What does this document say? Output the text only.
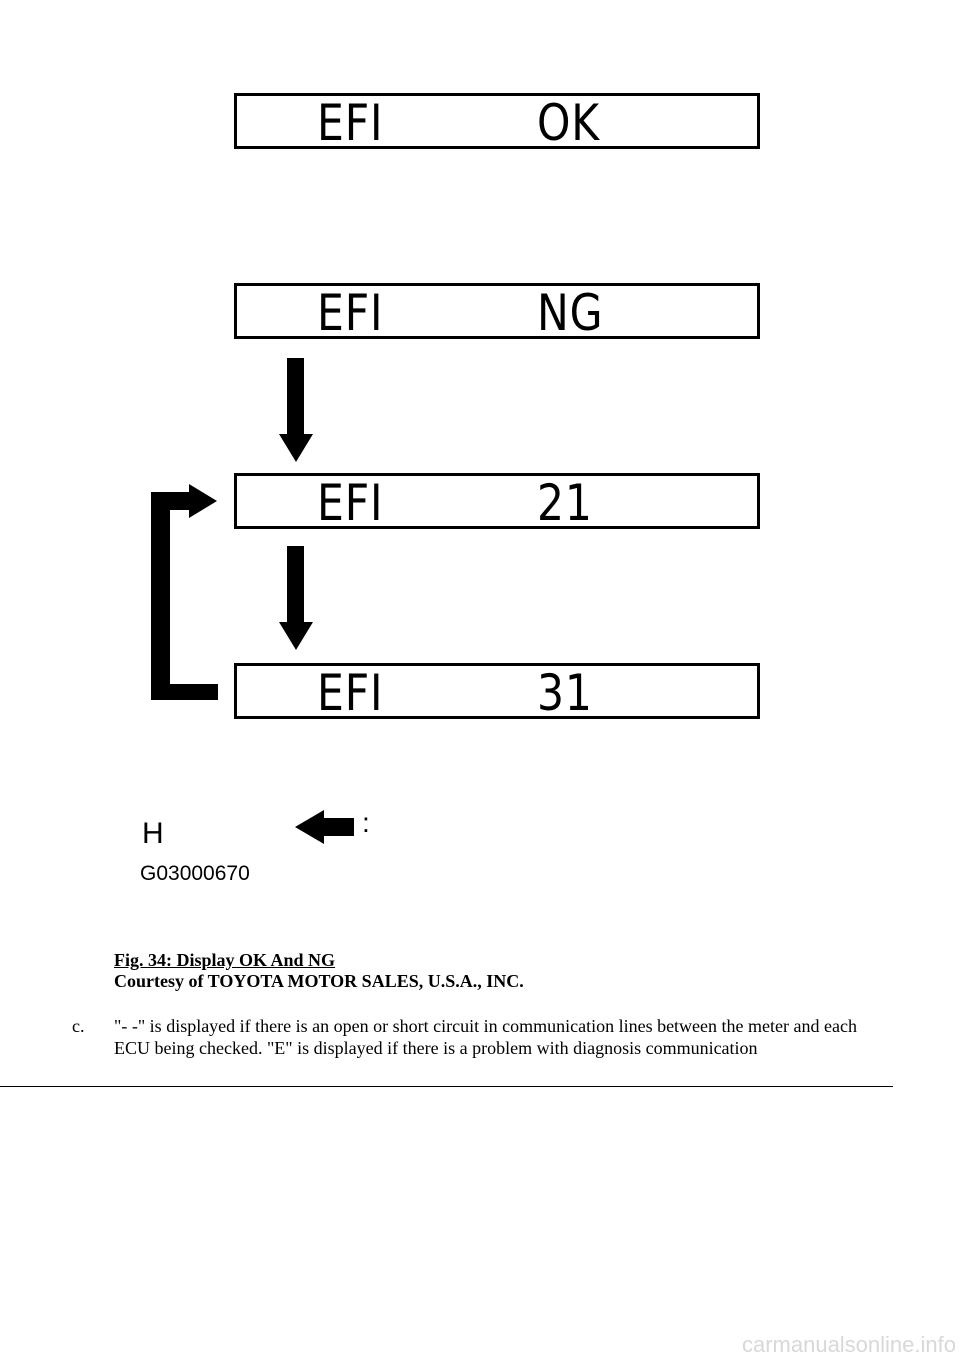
EFI	OK
EFI	NG
EFI	21
EFI	31
H	:
G03000670
Fig. 34: Display OK And NG
Courtesy of TOYOTA MOTOR SALES, U.S.A., INC.
c. "- -" is displayed if there is an open or short circuit in communication lines between the meter and each ECU being checked. "E" is displayed if there is a problem with diagnosis communication
carmanualsonline.info
